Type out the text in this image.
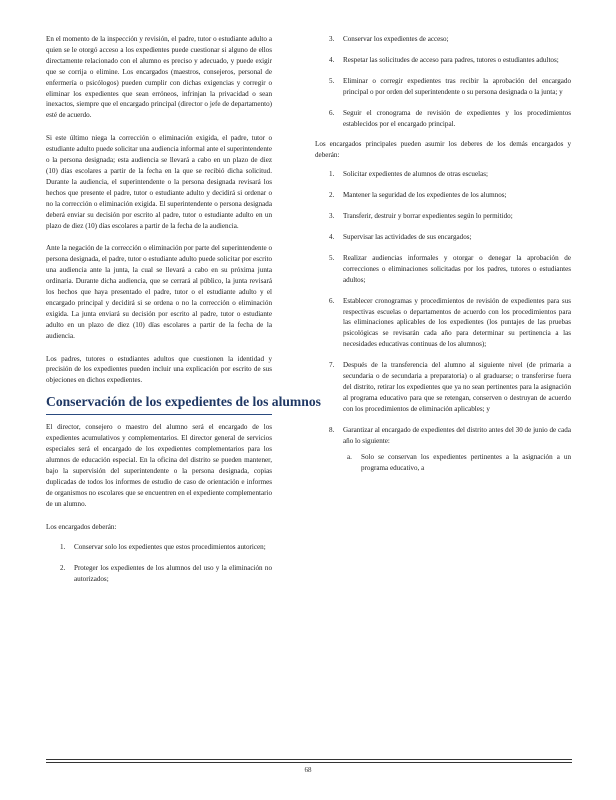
En el momento de la inspección y revisión, el padre, tutor o estudiante adulto a quien se le otorgó acceso a los expedientes puede cuestionar si alguno de ellos directamente relacionado con el alumno es preciso y adecuado, y puede exigir que se corrija o elimine. Los encargados (maestros, consejeros, personal de enfermería o psicólogos) pueden cumplir con dichas exigencias y corregir o eliminar los expedientes que sean erróneos, infrinjan la privacidad o sean inexactos, siempre que el encargado principal (director o jefe de departamento) esté de acuerdo.

Si este último niega la corrección o eliminación exigida, el padre, tutor o estudiante adulto puede solicitar una audiencia informal ante el superintendente o la persona designada; esta audiencia se llevará a cabo en un plazo de diez (10) días escolares a partir de la fecha en la que se recibió dicha solicitud. Durante la audiencia, el superintendente o la persona designada revisará los hechos que presente el padre, tutor o estudiante adulto y decidirá si ordenar o no la corrección o eliminación exigida. El superintendente o persona designada deberá enviar su decisión por escrito al padre, tutor o estudiante adulto en un plazo de diez (10) días escolares a partir de la fecha de la audiencia.

Ante la negación de la corrección o eliminación por parte del superintendente o persona designada, el padre, tutor o estudiante adulto puede solicitar por escrito una audiencia ante la junta, la cual se llevará a cabo en su próxima junta ordinaria. Durante dicha audiencia, que se cerrará al público, la junta revisará los hechos que haya presentado el padre, tutor o el estudiante adulto y el encargado principal y decidirá si se ordena o no la corrección o eliminación exigida. La junta enviará su decisión por escrito al padre, tutor o estudiante adulto en un plazo de diez (10) días escolares a partir de la fecha de la audiencia.

Los padres, tutores o estudiantes adultos que cuestionen la identidad y precisión de los expedientes pueden incluir una explicación por escrito de sus objeciones en dichos expedientes.

Conservación de los expedientes de los alumnos

El director, consejero o maestro del alumno será el encargado de los expedientes acumulativos y complementarios. El director general de servicios especiales será el encargado de los expedientes complementarios para los alumnos de educación especial. En la oficina del distrito se pueden mantener, bajo la supervisión del superintendente o la persona designada, copias duplicadas de todos los informes de estudio de caso de orientación e informes de organismos no escolares que se encuentren en el expediente complementario de un alumno.

Los encargados deberán:

1.	Conservar solo los expedientes que estos procedimientos autoricen;
2.	Proteger los expedientes de los alumnos del uso y la eliminación no autorizados;
3.	Conservar los expedientes de acceso;
4.	Respetar las solicitudes de acceso para padres, tutores o estudiantes adultos;
5.	Eliminar o corregir expedientes tras recibir la aprobación del encargado principal o por orden del superintendente o su persona designada o la junta; y
6.	Seguir el cronograma de revisión de expedientes y los procedimientos establecidos por el encargado principal.

Los encargados principales pueden asumir los deberes de los demás encargados y deberán:

1.	Solicitar expedientes de alumnos de otras escuelas;
2.	Mantener la seguridad de los expedientes de los alumnos;
3.	Transferir, destruir y borrar expedientes según lo permitido;
4.	Supervisar las actividades de sus encargados;
5.	Realizar audiencias informales y otorgar o denegar la aprobación de correcciones o eliminaciones solicitadas por los padres, tutores o estudiantes adultos;
6.	Establecer cronogramas y procedimientos de revisión de expedientes para sus respectivas escuelas o departamentos de acuerdo con los procedimientos para las eliminaciones aplicables de los expedientes (los puntajes de las pruebas psicológicas se revisarán cada año para determinar su pertinencia a las necesidades educativas continuas de los alumnos);
7.	Después de la transferencia del alumno al siguiente nivel (de primaria a secundaria o de secundaria a preparatoria) o al graduarse; o transferirse fuera del distrito, retirar los expedientes que ya no sean pertinentes para la asignación al programa educativo para que se retengan, conserven o destruyan de acuerdo con los procedimientos de eliminación aplicables; y
8.	Garantizar al encargado de expedientes del distrito antes del 30 de junio de cada año lo siguiente:
a.	Solo se conservan los expedientes pertinentes a la asignación a un programa educativo, a
68
